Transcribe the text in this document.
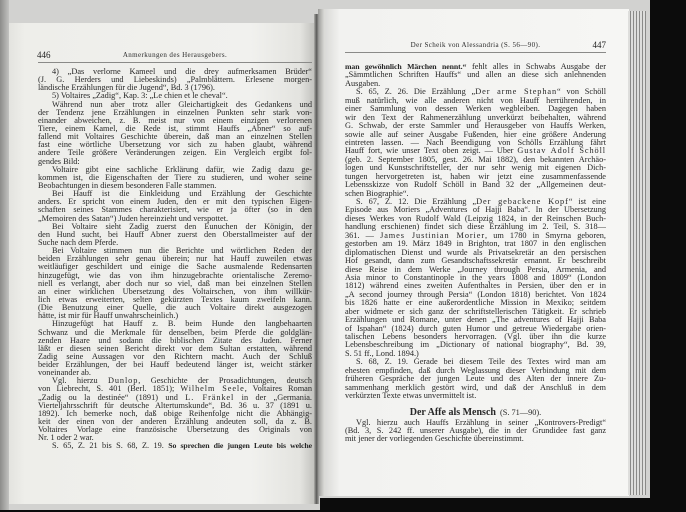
446	Anmerkungen des Herausgebers.
4) „Das verlorne Kameel und die drey aufmerksamen Brüder“
(J. G. Herders und Liebeskinds) „Palmblättern. Erlesene morgen-
ländische Erzählungen für die Jugend“, Bd. 3 (1796).
5) Voltaires „Zadig“, Kap. 3: „Le chien et le cheval“.
Während nun aber trotz aller Gleichartigkeit des Gedankens und
der Tendenz jene Erzählungen in einzelnen Punkten sehr stark von-
einander abweichen, z. B. meist nur von einem einzigen verlorenen
Tiere, einem Kamel, die Rede ist, stimmt Hauffs „Abner“ so auf-
fallend mit Voltaires Geschichte überein, daß man an einzelnen Stellen
fast eine wörtliche Übersetzung vor sich zu haben glaubt, während
andere Teile größere Veränderungen zeigen. Ein Vergleich ergibt fol-
gendes Bild:
Voltaire gibt eine sachliche Erklärung dafür, wie Zadig dazu ge-
kommen ist, die Eigenschaften der Tiere zu studieren, und woher seine
Beobachtungen in diesem besonderen Falle stammen.
Bei Hauff ist die Einkleidung und Erzählung der Geschichte
anders. Er spricht von einem Juden, den er mit den typischen Eigen-
schaften seines Stammes charakterisiert, wie er ja öfter (so in den
„Memoiren des Satan“) Juden hereinzieht und verspottet.
Bei Voltaire sieht Zadig zuerst den Eunuchen der Königin, der
den Hund sucht, bei Hauff Abner zuerst den Oberstallmeister auf der
Suche nach dem Pferde.
Bei Voltaire stimmen nun die Berichte und wörtlichen Reden der
beiden Erzählungen sehr genau überein; nur hat Hauff zuweilen etwas
weitläufiger geschildert und einige die Sache ausmalende Redensarten
hinzugefügt, wie das von ihm hinzugebrachte orientalische Zeremo-
niell es verlangt, aber doch nur so viel, daß man bei einzelnen Stellen
an einer wirklichen Übersetzung des Voltairschen, von ihm willkür-
lich etwas erweiterten, selten gekürzten Textes kaum zweifeln kann.
(Die Benutzung einer Quelle, die auch Voltaire direkt ausgezogen
hätte, ist mir für Hauff unwahrscheinlich.)
Hinzugefügt hat Hauff z. B. beim Hunde den langbehaarten
Schwanz und die Merkmale für denselben, beim Pferde die goldglän-
zenden Haare und sodann die biblischen Zitate des Juden. Ferner
läßt er diesen seinen Bericht direkt vor dem Sultan erstatten, während
Zadig seine Aussagen vor den Richtern macht. Auch der Schluß
beider Erzählungen, der bei Hauff bedeutend länger ist, weicht stärker
voneinander ab.
Vgl. hierzu Dunlop, Geschichte der Prosadichtungen, deutsch
von Liebrecht, S. 401 (Berl. 1851); Wilhelm Seele, Voltaires Roman
„Zadig ou la destinée“ (1891) und L. Fränkel in der „Germania.
Vierteljahrsschrift für deutsche Altertumskunde“, Bd. 36 u. 37 (1891 u.
1892). Ich bemerke noch, daß obige Reihenfolge nicht die Abhängig-
keit der einen von der anderen Erzählung andeuten soll, da z. B.
Voltaires Vorlage eine französische Übersetzung des Originals von
Nr. 1 oder 2 war.
S. 65, Z. 21 bis S. 68, Z. 19. So sprechen die jungen Leute bis welche
Der Scheik von Alessandria (S. 56—90).	447
man gewöhnlich Märchen nennt.“ fehlt alles in Schwabs Ausgabe der
„Sämmtlichen Schriften Hauffs“ und allen an diese sich anlehnenden
Ausgaben.
S. 65, Z. 26. Die Erzählung „Der arme Stephan“ von Schöll
muß natürlich, wie alle anderen nicht von Hauff herrührenden, in
einer Sammlung von dessen Werken wegbleiben. Dagegen haben
wir den Text der Rahmenerzählung unverkürzt beibehalten, während
G. Schwab, der erste Sammler und Herausgeber von Hauffs Werken,
sowie alle auf seiner Ausgabe Fußenden, hier eine größere Änderung
eintreten lassen. — Nach Beendigung von Schölls Erzählung fährt
Hauff fort, wie unser Text oben zeigt. — Über Gustav Adolf Schöll
(geb. 2. September 1805, gest. 26. Mai 1882), den bekannten Archäo-
logen und Kunstschriftsteller, der nur sehr wenig mit eigenen Dich-
tungen hervorgetreten ist, haben wir jetzt eine zusammenfassende
Lebensskizze von Rudolf Schöll in Band 32 der „Allgemeinen deut-
schen Biographie“.
S. 67, Z. 12. Die Erzählung „Der gebackene Kopf“ ist eine
Episode aus Moriers „Adventures of Hajji Baba“. In der Übersetzung
dieses Werkes von Rudolf Wald (Leipzig 1824, in der Reinschen Buch-
handlung erschienen) findet sich diese Erzählung im 2. Teil, S. 318—
361. — James Justinian Morier, um 1780 in Smyrna geboren,
gestorben am 19. März 1849 in Brighton, trat 1807 in den englischen
diplomatischen Dienst und wurde als Privatsekretär an den persischen
Hof gesandt, dann zum Gesandtschaftssekretär ernannt. Er beschreibt
diese Reise in dem Werke „Journey through Persia, Armenia, and
Asia minor to Constantinople in the years 1808 and 1809“ (London
1812) während eines zweiten Aufenthaltes in Persien, über den er in
„A second journey through Persia“ (London 1818) berichtet. Von 1824
bis 1826 hatte er eine außerordentliche Mission in Mexiko; seitdem
aber widmete er sich ganz der schriftstellerischen Tätigkeit. Er schrieb
Erzählungen und Romane, unter denen „The adventures of Hajji Baba
of Ispahan“ (1824) durch guten Humor und getreue Wiedergabe orien-
talischen Lebens besonders hervorragen. (Vgl. über ihn die kurze
Lebensbeschreibung im „Dictionary of national biography“, Bd. 39,
S. 51 ff., Lond. 1894.)
S. 68, Z. 19. Gerade bei diesem Teile des Textes wird man am
ehesten empfinden, daß durch Weglassung dieser Verbindung mit dem
früheren Gespräche der jungen Leute und des Alten der innere Zu-
sammenhang merklich gestört wird, und daß der Anschluß in dem
verkürzten Texte etwas unvermittelt ist.
Der Affe als Mensch (S. 71—90).
Vgl. hierzu auch Hauffs Erzählung in seiner „Kontrovers-Predigt“
(Bd. 3, S. 242 ff. unserer Ausgabe), die in der Grundidee fast ganz
mit jener der vorliegenden Geschichte übereinstimmt.
